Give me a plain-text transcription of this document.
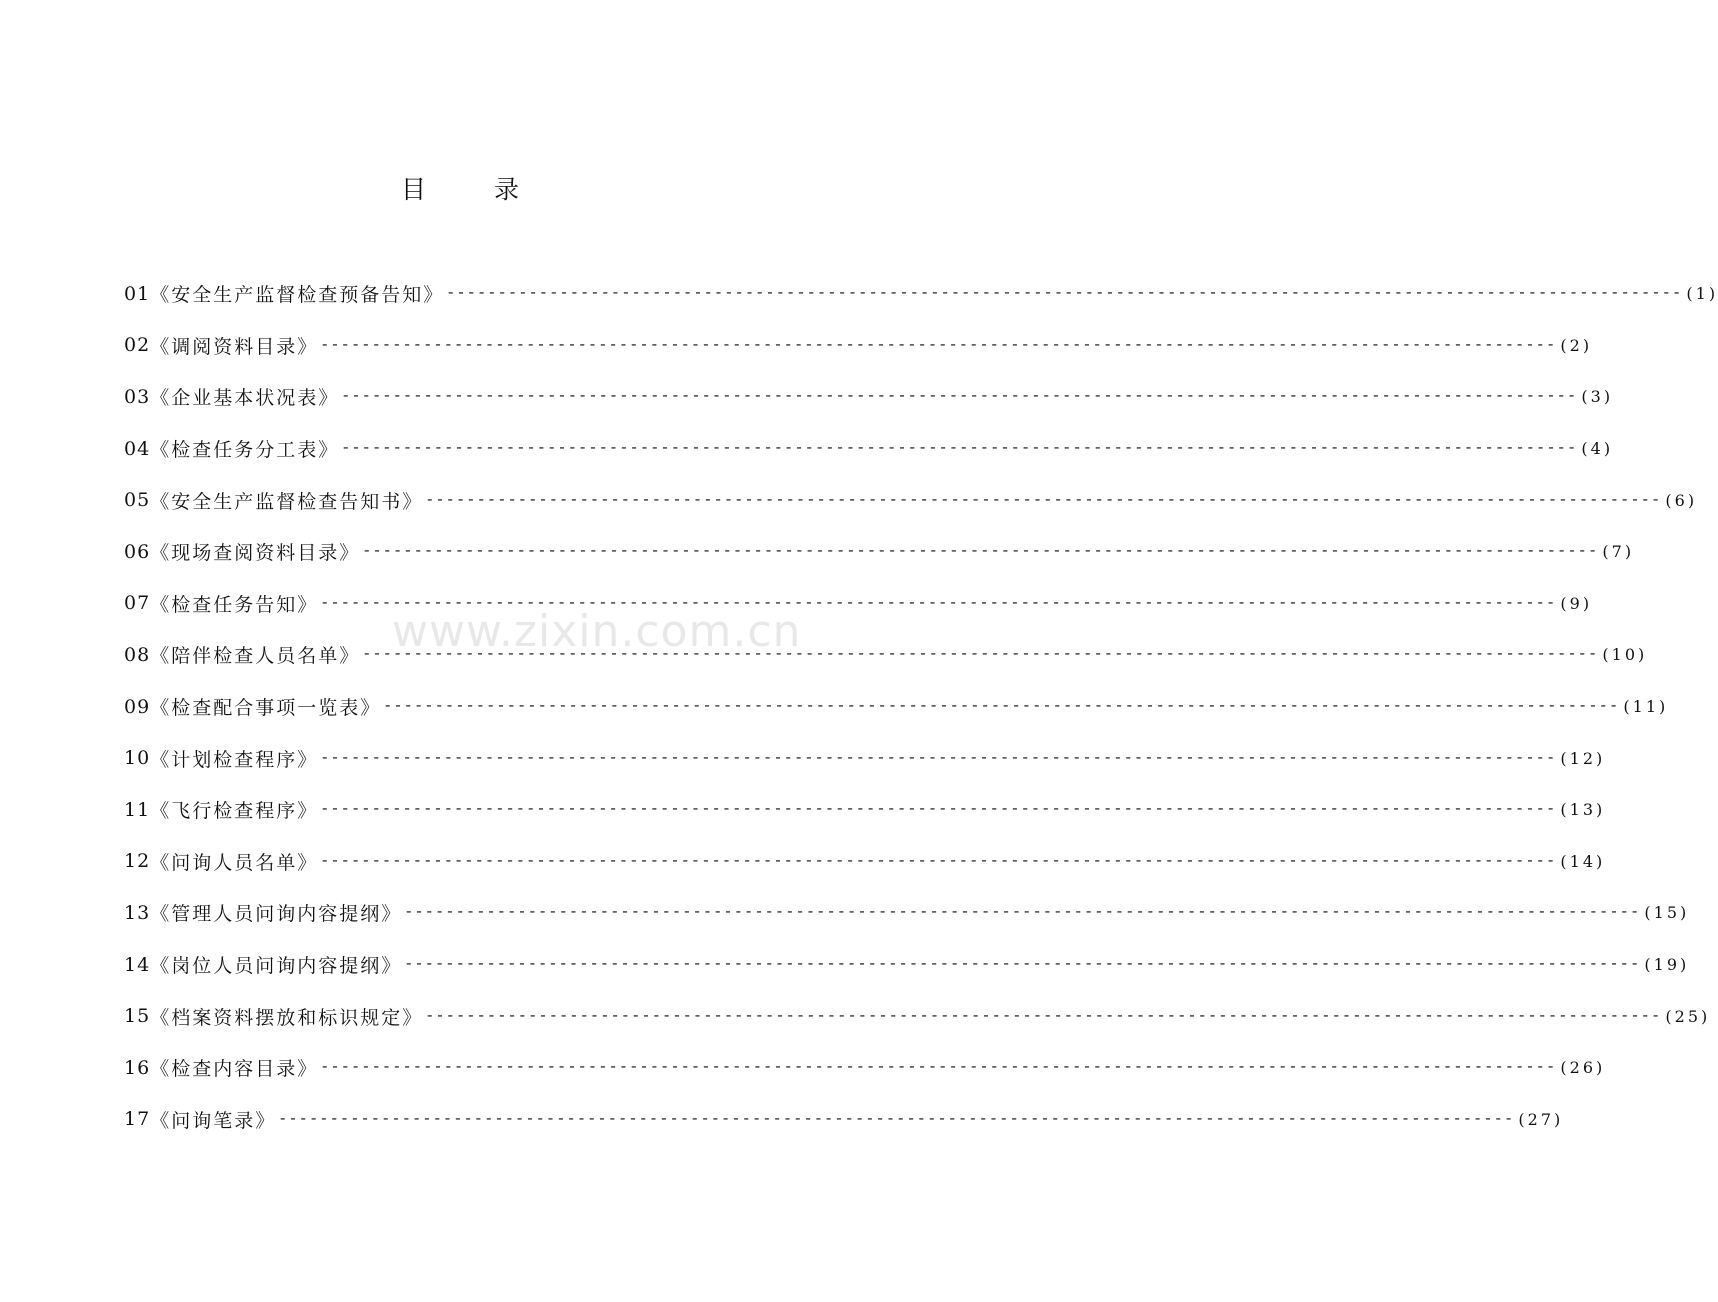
目 录
01 《安全生产监督检查预备告知》 ------------------------------------------------------------------------------------------------------------------------ (1)
02 《调阅资料目录》 ------------------------------------------------------------------------------------------------------------------------ (2)
03 《企业基本状况表》 ------------------------------------------------------------------------------------------------------------------------ (3)
04 《检查任务分工表》 ------------------------------------------------------------------------------------------------------------------------ (4)
05 《安全生产监督检查告知书》 ------------------------------------------------------------------------------------------------------------------------ (6)
06 《现场查阅资料目录》 ------------------------------------------------------------------------------------------------------------------------ (7)
07 《检查任务告知》 ------------------------------------------------------------------------------------------------------------------------ (9)
08 《陪伴检查人员名单》 ------------------------------------------------------------------------------------------------------------------------ (10)
09 《检查配合事项一览表》 ------------------------------------------------------------------------------------------------------------------------ (11)
10 《计划检查程序》 ------------------------------------------------------------------------------------------------------------------------ (12)
11 《飞行检查程序》 ------------------------------------------------------------------------------------------------------------------------ (13)
12 《问询人员名单》 ------------------------------------------------------------------------------------------------------------------------ (14)
13 《管理人员问询内容提纲》 ------------------------------------------------------------------------------------------------------------------------ (15)
14 《岗位人员问询内容提纲》 ------------------------------------------------------------------------------------------------------------------------ (19)
15 《档案资料摆放和标识规定》 ------------------------------------------------------------------------------------------------------------------------ (25)
16 《检查内容目录》 ------------------------------------------------------------------------------------------------------------------------ (26)
17 《问询笔录》 ------------------------------------------------------------------------------------------------------------------------ (27)
www.zixin.com.cn
